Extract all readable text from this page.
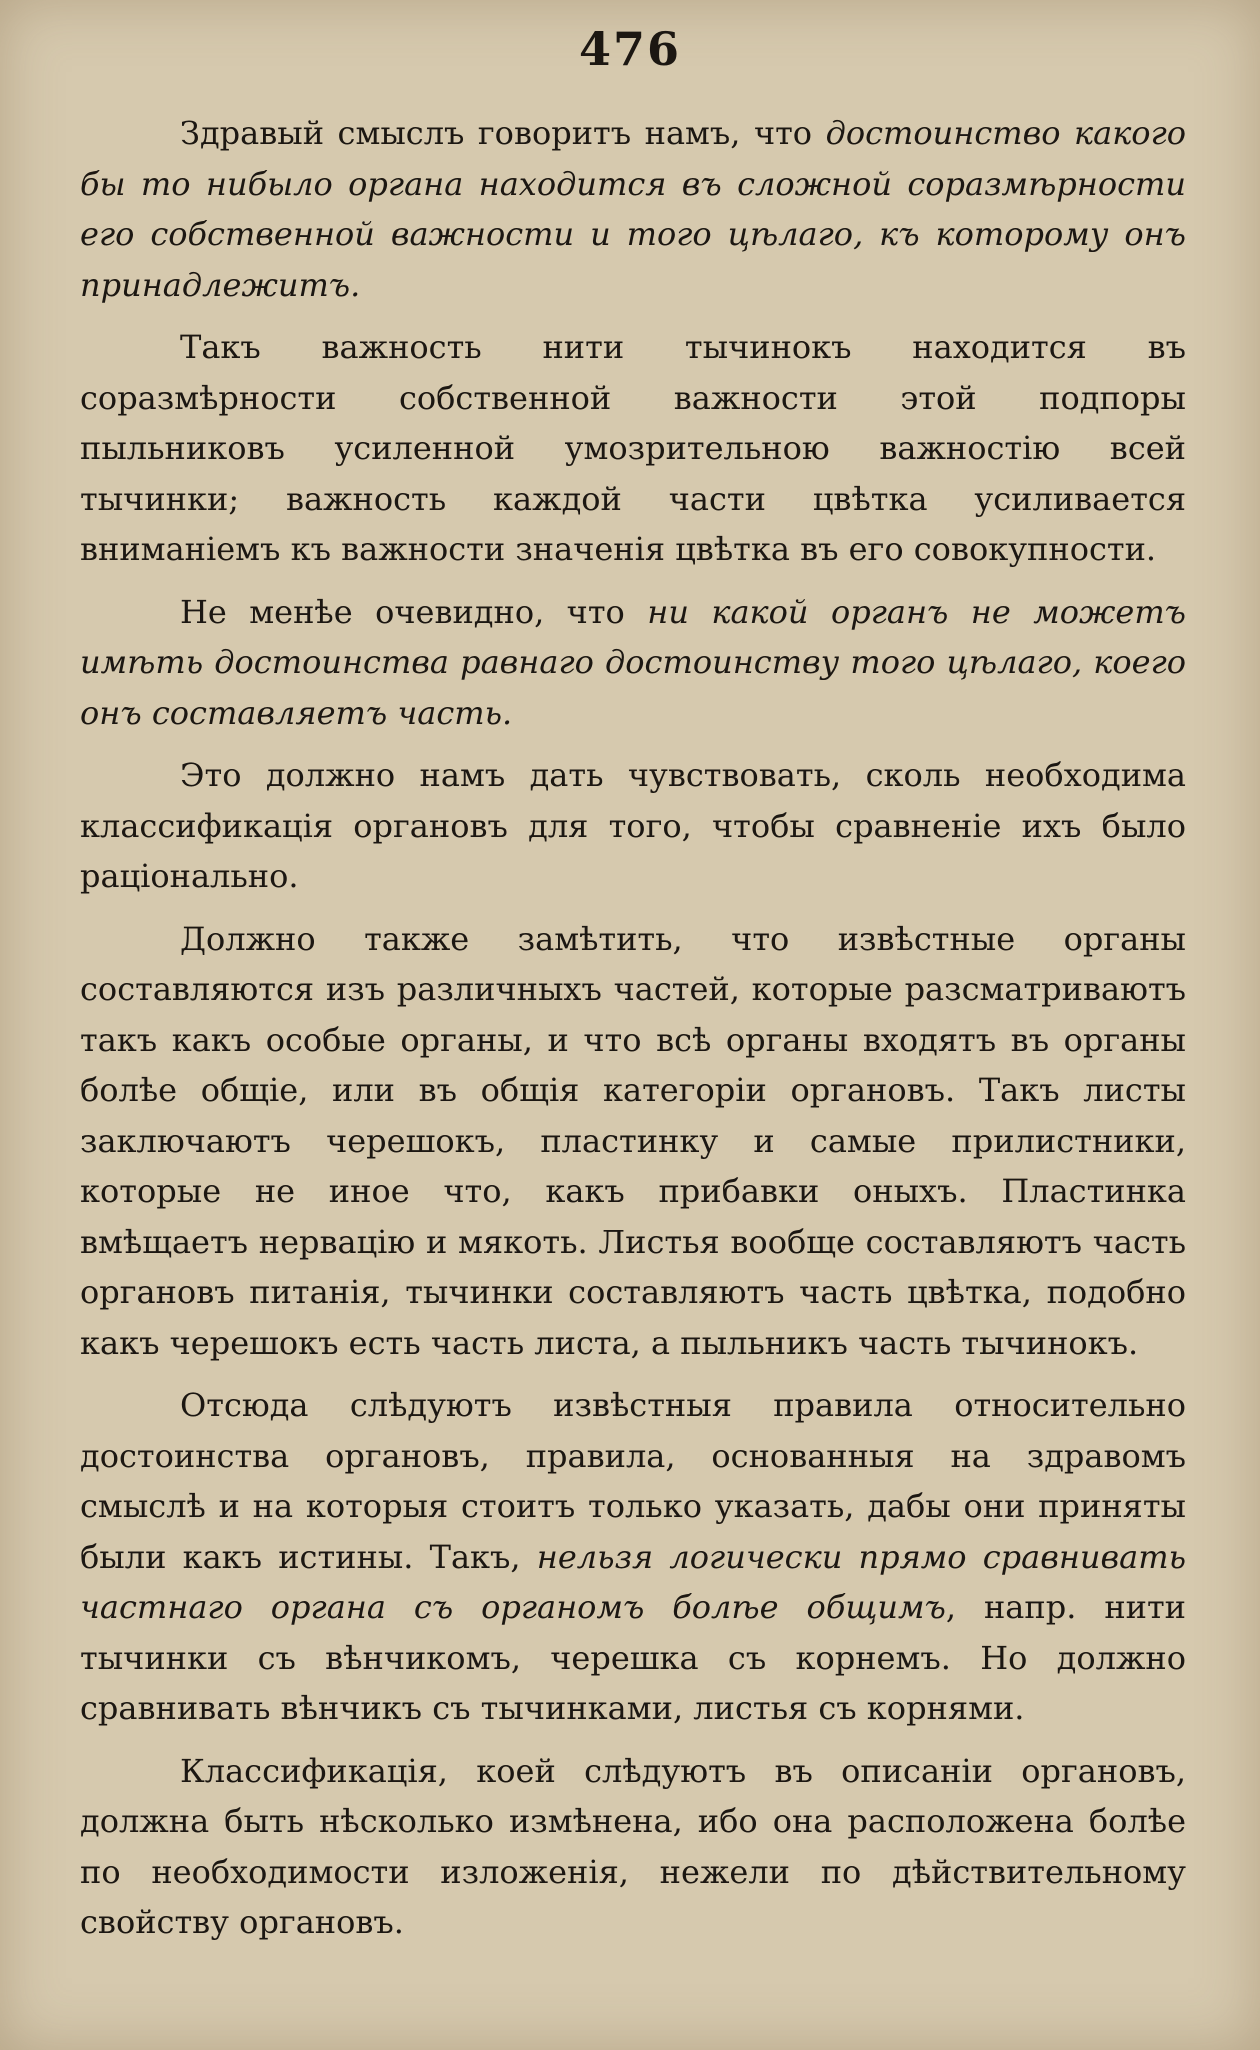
476

Здравый смыслъ говоритъ намъ, что достоинство какого бы то нибыло органа находится въ сложной соразмѣрности его собственной важности и того цѣлаго, къ которому онъ принадлежитъ.

Такъ важность нити тычинокъ находится въ соразмѣрности собственной важности этой подпоры пыльниковъ усиленной умозрительною важностію всей тычинки; важность каждой части цвѣтка усиливается вниманіемъ къ важности значенія цвѣтка въ его совокупности.

Не менѣе очевидно, что ни какой органъ не можетъ имѣть достоинства равнаго достоинству того цѣлаго, коего онъ составляетъ часть.

Это должно намъ дать чувствовать, сколь необходима классификація органовъ для того, чтобы сравненіе ихъ было раціонально.

Должно также замѣтить, что извѣстные органы составляются изъ различныхъ частей, которые разсматриваютъ такъ какъ особые органы, и что всѣ органы входятъ въ органы болѣе общіе, или въ общія категоріи органовъ. Такъ листы заключаютъ черешокъ, пластинку и самые прилистники, которые не иное что, какъ прибавки оныхъ. Пластинка вмѣщаетъ нервацію и мякоть. Листья вообще составляютъ часть органовъ питанія, тычинки составляютъ часть цвѣтка, подобно какъ черешокъ есть часть листа, а пыльникъ часть тычинокъ.

Отсюда слѣдуютъ извѣстныя правила относительно достоинства органовъ, правила, основанныя на здравомъ смыслѣ и на которыя стоитъ только указать, дабы они приняты были какъ истины. Такъ, нельзя логически прямо сравнивать частнаго органа съ органомъ болѣе общимъ, напр. нити тычинки съ вѣнчикомъ, черешка съ корнемъ. Но должно сравнивать вѣнчикъ съ тычинками, листья съ корнями.

Классификація, коей слѣдуютъ въ описаніи органовъ, должна быть нѣсколько измѣнена, ибо она расположена болѣе по необходимости изложенія, нежели по дѣйствительному свойству органовъ.
